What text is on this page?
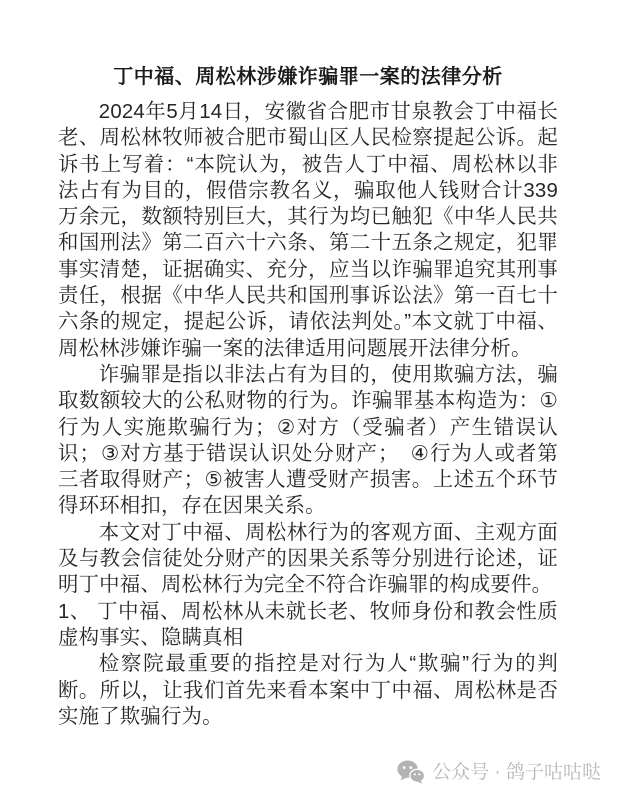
丁中福、周松林涉嫌诈骗罪一案的法律分析

2024年5月14日，安徽省合肥市甘泉教会丁中福长老、周松林牧师被合肥市蜀山区人民检察提起公诉。起诉书上写着：“本院认为，被告人丁中福、周松林以非法占有为目的，假借宗教名义，骗取他人钱财合计339万余元，数额特别巨大，其行为均已触犯《中华人民共和国刑法》第二百六十六条、第二十五条之规定，犯罪事实清楚，证据确实、充分，应当以诈骗罪追究其刑事责任，根据《中华人民共和国刑事诉讼法》第一百七十六条的规定，提起公诉，请依法判处。”本文就丁中福、周松林涉嫌诈骗一案的法律适用问题展开法律分析。

诈骗罪是指以非法占有为目的，使用欺骗方法，骗取数额较大的公私财物的行为。诈骗罪基本构造为：①行为人实施欺骗行为；②对方（受骗者）产生错误认识；③对方基于错误认识处分财产；　④行为人或者第三者取得财产；⑤被害人遭受财产损害。上述五个环节得环环相扣，存在因果关系。

本文对丁中福、周松林行为的客观方面、主观方面及与教会信徒处分财产的因果关系等分别进行论述，证明丁中福、周松林行为完全不符合诈骗罪的构成要件。

1、 丁中福、周松林从未就长老、牧师身份和教会性质虚构事实、隐瞒真相

检察院最重要的指控是对行为人“欺骗”行为的判断。所以，让我们首先来看本案中丁中福、周松林是否实施了欺骗行为。

公众号 · 鸽子咕咕哒
